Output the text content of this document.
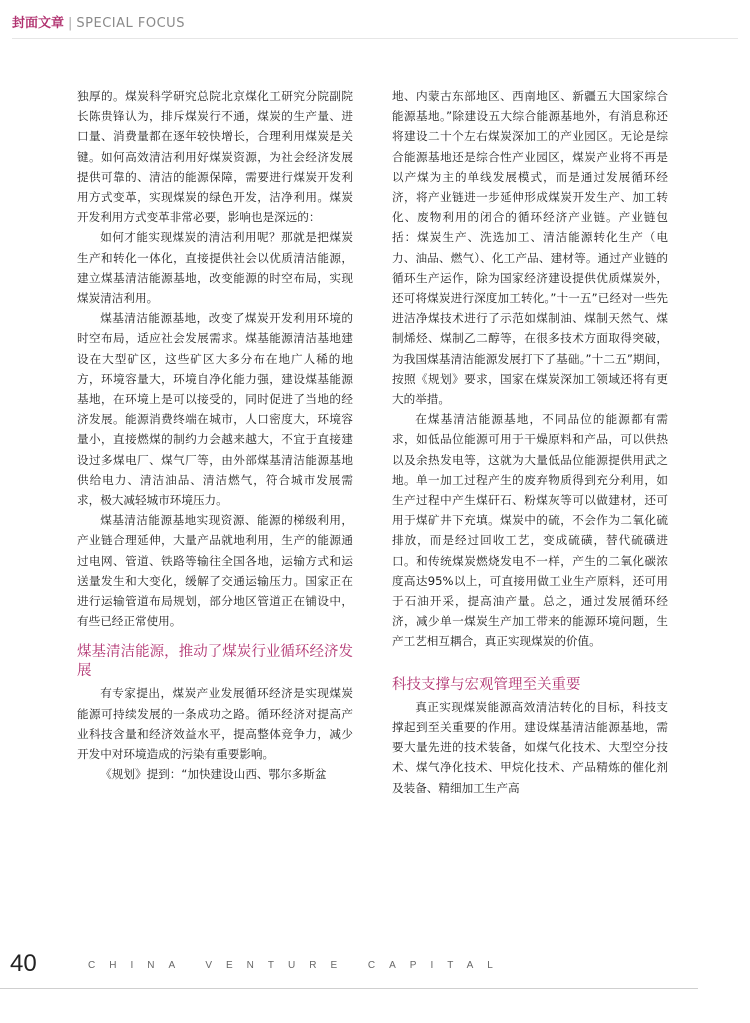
封面文章 | SPECIAL FOCUS

独厚的。煤炭科学研究总院北京煤化工研究分院副院长陈贵锋认为，排斥煤炭行不通，煤炭的生产量、进口量、消费量都在逐年较快增长，合理利用煤炭是关键。如何高效清洁利用好煤炭资源，为社会经济发展提供可靠的、清洁的能源保障，需要进行煤炭开发利用方式变革，实现煤炭的绿色开发，洁净利用。煤炭开发利用方式变革非常必要，影响也是深远的：

如何才能实现煤炭的清洁利用呢？那就是把煤炭生产和转化一体化，直接提供社会以优质清洁能源，建立煤基清洁能源基地，改变能源的时空布局，实现煤炭清洁利用。

煤基清洁能源基地，改变了煤炭开发利用环境的时空布局，适应社会发展需求。煤基能源清洁基地建设在大型矿区，这些矿区大多分布在地广人稀的地方，环境容量大，环境自净化能力强，建设煤基能源基地，在环境上是可以接受的，同时促进了当地的经济发展。能源消费终端在城市，人口密度大，环境容量小，直接燃煤的制约力会越来越大，不宜于直接建设过多煤电厂、煤气厂等，由外部煤基清洁能源基地供给电力、清洁油品、清洁燃气，符合城市发展需求，极大减轻城市环境压力。

煤基清洁能源基地实现资源、能源的梯级利用，产业链合理延伸，大量产品就地利用，生产的能源通过电网、管道、铁路等输往全国各地，运输方式和运送量发生和大变化，缓解了交通运输压力。国家正在进行运输管道布局规划，部分地区管道正在铺设中，有些已经正常使用。

煤基清洁能源，推动了煤炭行业循环经济发展

有专家提出，煤炭产业发展循环经济是实现煤炭能源可持续发展的一条成功之路。循环经济对提高产业科技含量和经济效益水平，提高整体竞争力，减少开发中对环境造成的污染有重要影响。

《规划》提到：“加快建设山西、鄂尔多斯盆

地、内蒙古东部地区、西南地区、新疆五大国家综合能源基地。”除建设五大综合能源基地外，有消息称还将建设二十个左右煤炭深加工的产业园区。无论是综合能源基地还是综合性产业园区，煤炭产业将不再是以产煤为主的单线发展模式，而是通过发展循环经济，将产业链进一步延伸形成煤炭开发生产、加工转化、废物利用的闭合的循环经济产业链。产业链包括：煤炭生产、洗选加工、清洁能源转化生产（电力、油品、燃气）、化工产品、建材等。通过产业链的循环生产运作，除为国家经济建设提供优质煤炭外，还可将煤炭进行深度加工转化。”十一五”已经对一些先进洁净煤技术进行了示范如煤制油、煤制天然气、煤制烯烃、煤制乙二醇等，在很多技术方面取得突破，为我国煤基清洁能源发展打下了基础。”十二五”期间，按照《规划》要求，国家在煤炭深加工领域还将有更大的举措。

在煤基清洁能源基地，不同品位的能源都有需求，如低品位能源可用于干燥原料和产品，可以供热以及余热发电等，这就为大量低品位能源提供用武之地。单一加工过程产生的废弃物质得到充分利用，如生产过程中产生煤矸石、粉煤灰等可以做建材，还可用于煤矿井下充填。煤炭中的硫，不会作为二氧化硫排放，而是经过回收工艺，变成硫磺，替代硫磺进口。和传统煤炭燃烧发电不一样，产生的二氧化碳浓度高达95%以上，可直接用做工业生产原料，还可用于石油开采，提高油产量。总之，通过发展循环经济，减少单一煤炭生产加工带来的能源环境问题，生产工艺相互耦合，真正实现煤炭的价值。

科技支撑与宏观管理至关重要

真正实现煤炭能源高效清洁转化的目标，科技支撑起到至关重要的作用。建设煤基清洁能源基地，需要大量先进的技术装备，如煤气化技术、大型空分技术、煤气净化技术、甲烷化技术、产品精炼的催化剂及装备、精细加工生产高

40	CHINA VENTURE CAPITAL
